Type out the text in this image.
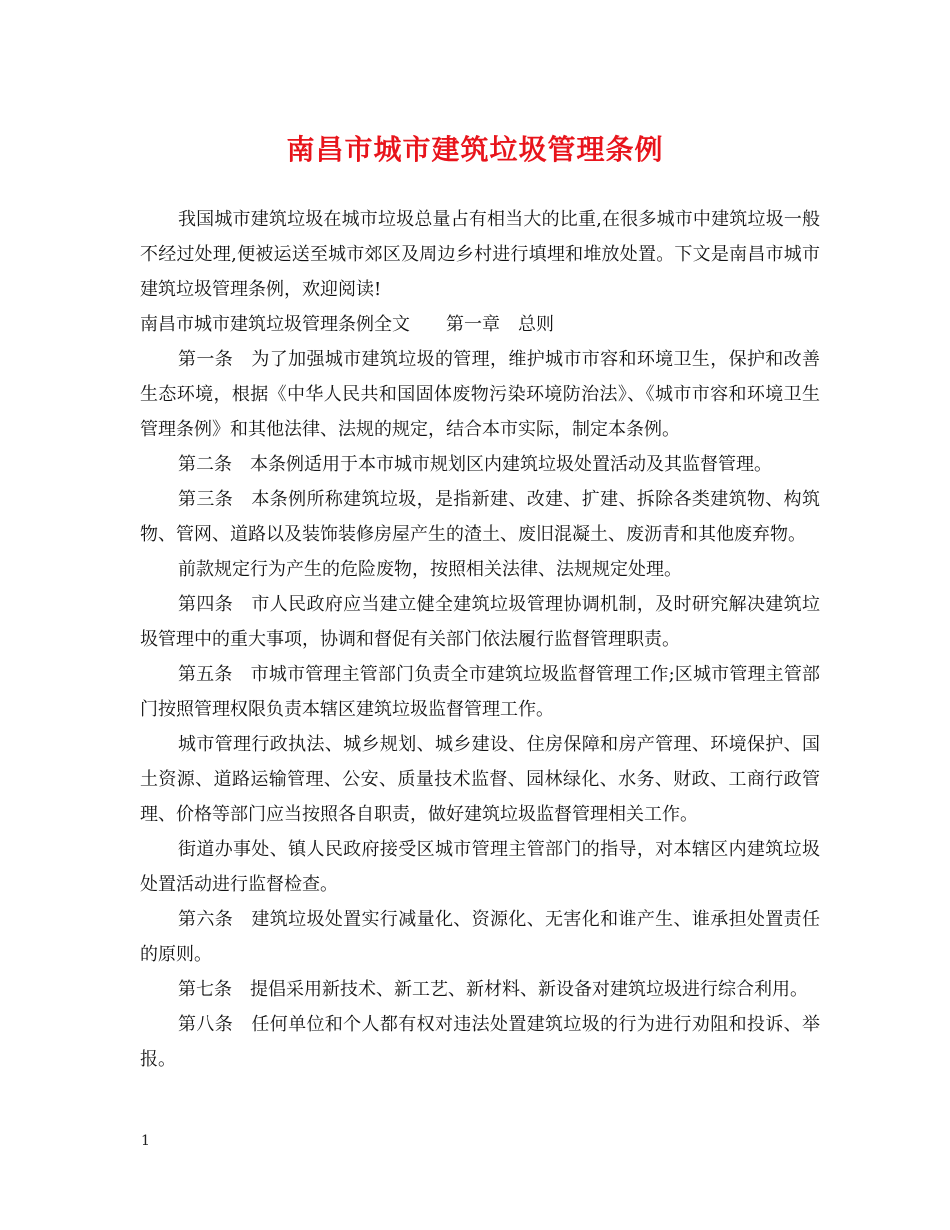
南昌市城市建筑垃圾管理条例

我国城市建筑垃圾在城市垃圾总量占有相当大的比重,在很多城市中建筑垃圾一般不经过处理,便被运送至城市郊区及周边乡村进行填埋和堆放处置。下文是南昌市城市建筑垃圾管理条例，欢迎阅读!

南昌市城市建筑垃圾管理条例全文　　第一章　总则

第一条　为了加强城市建筑垃圾的管理，维护城市市容和环境卫生，保护和改善生态环境，根据《中华人民共和国固体废物污染环境防治法》、《城市市容和环境卫生管理条例》和其他法律、法规的规定，结合本市实际，制定本条例。

第二条　本条例适用于本市城市规划区内建筑垃圾处置活动及其监督管理。

第三条　本条例所称建筑垃圾，是指新建、改建、扩建、拆除各类建筑物、构筑物、管网、道路以及装饰装修房屋产生的渣土、废旧混凝土、废沥青和其他废弃物。

前款规定行为产生的危险废物，按照相关法律、法规规定处理。

第四条　市人民政府应当建立健全建筑垃圾管理协调机制，及时研究解决建筑垃圾管理中的重大事项，协调和督促有关部门依法履行监督管理职责。

第五条　市城市管理主管部门负责全市建筑垃圾监督管理工作;区城市管理主管部门按照管理权限负责本辖区建筑垃圾监督管理工作。

城市管理行政执法、城乡规划、城乡建设、住房保障和房产管理、环境保护、国土资源、道路运输管理、公安、质量技术监督、园林绿化、水务、财政、工商行政管理、价格等部门应当按照各自职责，做好建筑垃圾监督管理相关工作。

街道办事处、镇人民政府接受区城市管理主管部门的指导，对本辖区内建筑垃圾处置活动进行监督检查。

第六条　建筑垃圾处置实行减量化、资源化、无害化和谁产生、谁承担处置责任的原则。

第七条　提倡采用新技术、新工艺、新材料、新设备对建筑垃圾进行综合利用。

第八条　任何单位和个人都有权对违法处置建筑垃圾的行为进行劝阻和投诉、举报。

1
